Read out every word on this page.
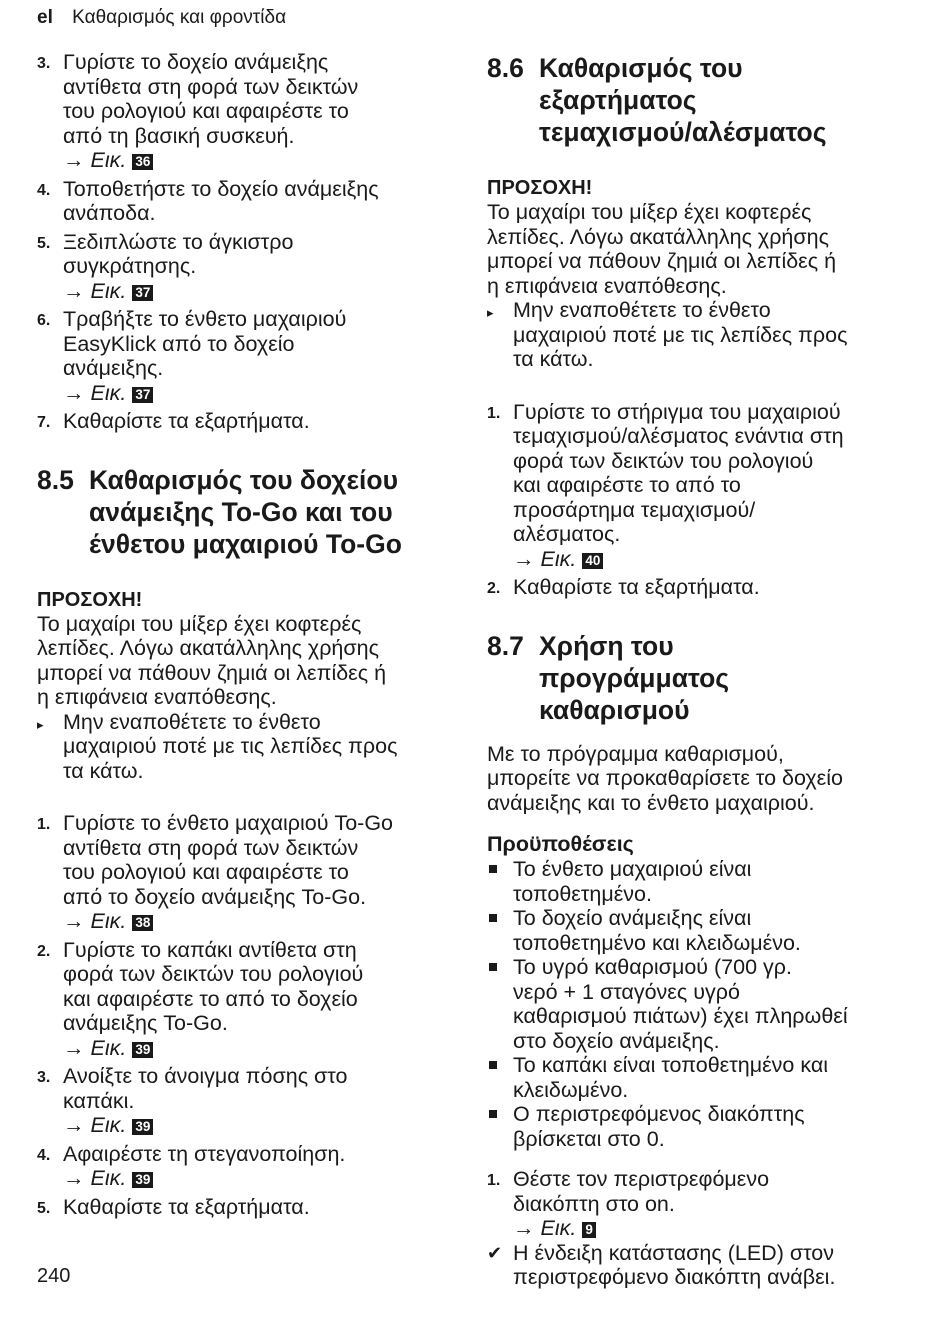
el Καθαρισμός και φροντίδα
3. Γυρίστε το δοχείο ανάμειξης
αντίθετα στη φορά των δεικτών
του ρολογιού και αφαιρέστε το
από τη βασική συσκευή.
→ Εικ. 36
4. Τοποθετήστε το δοχείο ανάμειξης
ανάποδα.
5. Ξεδιπλώστε το άγκιστρο
συγκράτησης.
→ Εικ. 37
6. Τραβήξτε το ένθετο μαχαιριού
EasyKlick από το δοχείο
ανάμειξης.
→ Εικ. 37
7. Καθαρίστε τα εξαρτήματα.
8.5 Καθαρισμός του δοχείου
ανάμειξης To-Go και του
ένθετου μαχαιριού To-Go
ΠΡΟΣΟΧΗ!
Το μαχαίρι του μίξερ έχει κοφτερές
λεπίδες. Λόγω ακατάλληλης χρήσης
μπορεί να πάθουν ζημιά οι λεπίδες ή
η επιφάνεια εναπόθεσης.
▸ Μην εναποθέτετε το ένθετο
μαχαιριού ποτέ με τις λεπίδες προς
τα κάτω.
1. Γυρίστε το ένθετο μαχαιριού To-Go
αντίθετα στη φορά των δεικτών
του ρολογιού και αφαιρέστε το
από το δοχείο ανάμειξης To-Go.
→ Εικ. 38
2. Γυρίστε το καπάκι αντίθετα στη
φορά των δεικτών του ρολογιού
και αφαιρέστε το από το δοχείο
ανάμειξης To-Go.
→ Εικ. 39
3. Ανοίξτε το άνοιγμα πόσης στο
καπάκι.
→ Εικ. 39
4. Αφαιρέστε τη στεγανοποίηση.
→ Εικ. 39
5. Καθαρίστε τα εξαρτήματα.
8.6 Καθαρισμός του
εξαρτήματος
τεμαχισμού/αλέσματος
ΠΡΟΣΟΧΗ!
Το μαχαίρι του μίξερ έχει κοφτερές
λεπίδες. Λόγω ακατάλληλης χρήσης
μπορεί να πάθουν ζημιά οι λεπίδες ή
η επιφάνεια εναπόθεσης.
▸ Μην εναποθέτετε το ένθετο
μαχαιριού ποτέ με τις λεπίδες προς
τα κάτω.
1. Γυρίστε το στήριγμα του μαχαιριού
τεμαχισμού/αλέσματος ενάντια στη
φορά των δεικτών του ρολογιού
και αφαιρέστε το από το
προσάρτημα τεμαχισμού/
αλέσματος.
→ Εικ. 40
2. Καθαρίστε τα εξαρτήματα.
8.7 Χρήση του
προγράμματος
καθαρισμού
Με το πρόγραμμα καθαρισμού,
μπορείτε να προκαθαρίσετε το δοχείο
ανάμειξης και το ένθετο μαχαιριού.
Προϋποθέσεις
Το ένθετο μαχαιριού είναι
τοποθετημένο.
Το δοχείο ανάμειξης είναι
τοποθετημένο και κλειδωμένο.
Το υγρό καθαρισμού (700 γρ.
νερό + 1 σταγόνες υγρό
καθαρισμού πιάτων) έχει πληρωθεί
στο δοχείο ανάμειξης.
Το καπάκι είναι τοποθετημένο και
κλειδωμένο.
Ο περιστρεφόμενος διακόπτης
βρίσκεται στο 0.
1. Θέστε τον περιστρεφόμενο
διακόπτη στο on.
→ Εικ. 9
✔ Η ένδειξη κατάστασης (LED) στον
περιστρεφόμενο διακόπτη ανάβει.
240
